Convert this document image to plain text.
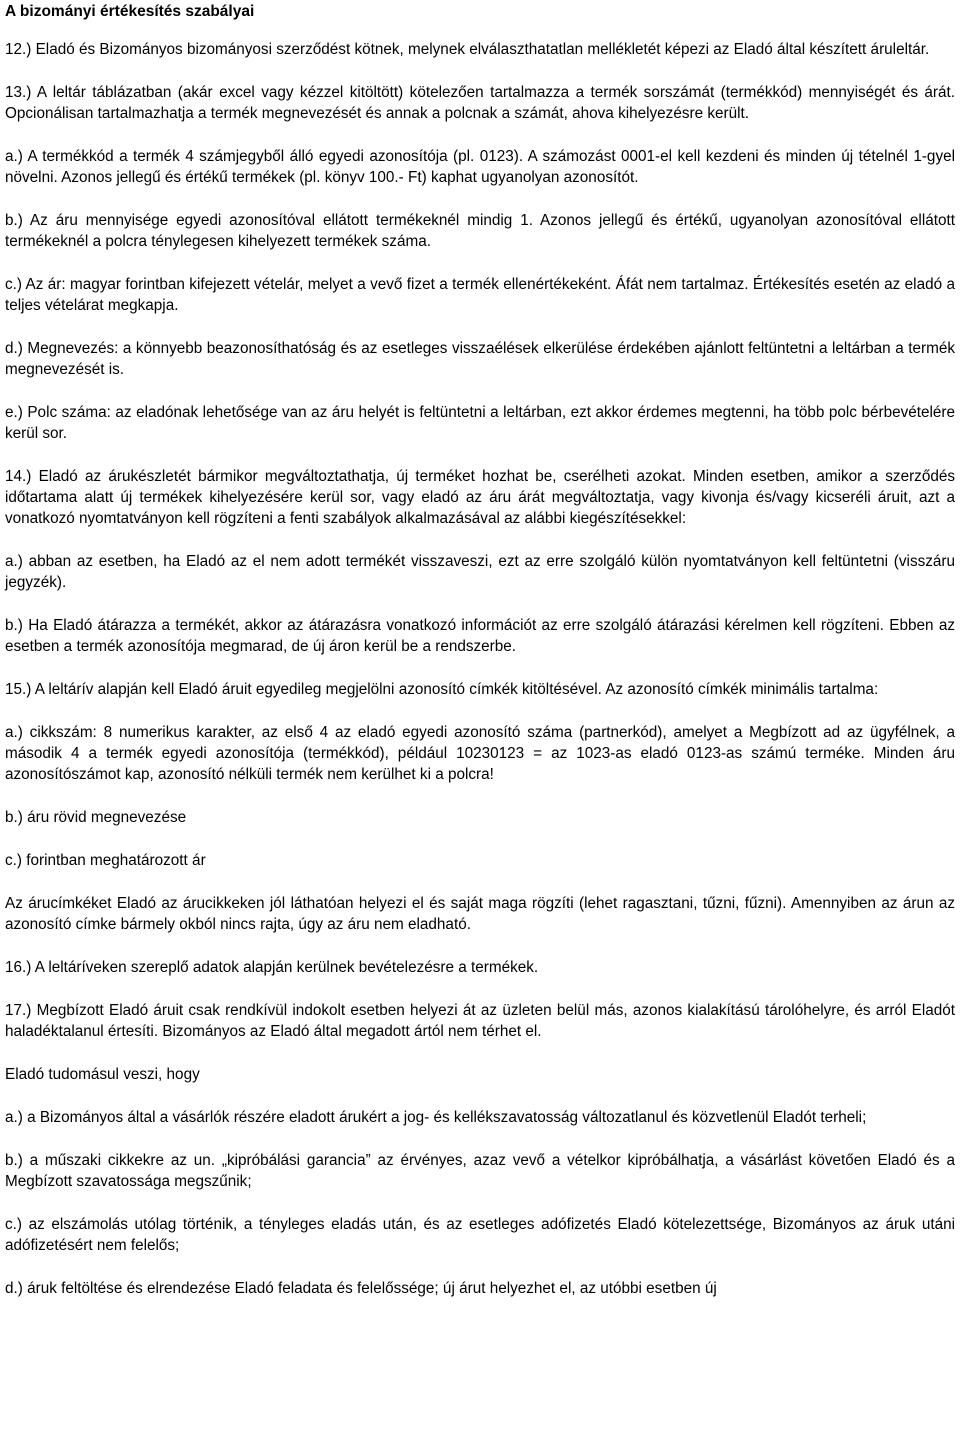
A bizományi értékesítés szabályai

12.) Eladó és Bizományos bizományosi szerződést kötnek, melynek elválaszthatatlan mellékletét képezi az Eladó által készített áruleltár.

13.) A leltár táblázatban (akár excel vagy kézzel kitöltött) kötelezően tartalmazza a termék sorszámát (termékkód) mennyiségét és árát. Opcionálisan tartalmazhatja a termék megnevezését és annak a polcnak a számát, ahova kihelyezésre került.

a.) A termékkód a termék 4 számjegyből álló egyedi azonosítója (pl. 0123). A számozást 0001-el kell kezdeni és minden új tételnél 1-gyel növelni. Azonos jellegű és értékű termékek (pl. könyv 100.- Ft) kaphat ugyanolyan azonosítót.

b.) Az áru mennyisége egyedi azonosítóval ellátott termékeknél mindig 1. Azonos jellegű és értékű, ugyanolyan azonosítóval ellátott termékeknél a polcra ténylegesen kihelyezett termékek száma.

c.) Az ár: magyar forintban kifejezett vételár, melyet a vevő fizet a termék ellenértékeként. Áfát nem tartalmaz. Értékesítés esetén az eladó a teljes vételárat megkapja.

d.) Megnevezés: a könnyebb beazonosíthatóság és az esetleges visszaélések elkerülése érdekében ajánlott feltüntetni a leltárban a termék megnevezését is.

e.) Polc száma: az eladónak lehetősége van az áru helyét is feltüntetni a leltárban, ezt akkor érdemes megtenni, ha több polc bérbevételére kerül sor.

14.) Eladó az árukészletét bármikor megváltoztathatja, új terméket hozhat be, cserélheti azokat. Minden esetben, amikor a szerződés időtartama alatt új termékek kihelyezésére kerül sor, vagy eladó az áru árát megváltoztatja, vagy kivonja és/vagy kicseréli áruit, azt a vonatkozó nyomtatványon kell rögzíteni a fenti szabályok alkalmazásával az alábbi kiegészítésekkel:

a.) abban az esetben, ha Eladó az el nem adott termékét visszaveszi, ezt az erre szolgáló külön nyomtatványon kell feltüntetni (visszáru jegyzék).

b.) Ha Eladó átárazza a termékét, akkor az átárazásra vonatkozó információt az erre szolgáló átárazási kérelmen kell rögzíteni. Ebben az esetben a termék azonosítója megmarad, de új áron kerül be a rendszerbe.

15.) A leltárív alapján kell Eladó áruit egyedileg megjelölni azonosító címkék kitöltésével. Az azonosító címkék minimális tartalma:

a.) cikkszám: 8 numerikus karakter, az első 4 az eladó egyedi azonosító száma (partnerkód), amelyet a Megbízott ad az ügyfélnek, a második 4 a termék egyedi azonosítója (termékkód), például 10230123 = az 1023-as eladó 0123-as számú terméke. Minden áru azonosítószámot kap, azonosító nélküli termék nem kerülhet ki a polcra!

b.) áru rövid megnevezése

c.) forintban meghatározott ár

Az árucímkéket Eladó az árucikkeken jól láthatóan helyezi el és saját maga rögzíti (lehet ragasztani, tűzni, fűzni). Amennyiben az árun az azonosító címke bármely okból nincs rajta, úgy az áru nem eladható.

16.) A leltáríveken szereplő adatok alapján kerülnek bevételezésre a termékek.

17.) Megbízott Eladó áruit csak rendkívül indokolt esetben helyezi át az üzleten belül más, azonos kialakítású tárolóhelyre, és arról Eladót haladéktalanul értesíti. Bizományos az Eladó által megadott ártól nem térhet el.

Eladó tudomásul veszi, hogy

a.) a Bizományos által a vásárlók részére eladott árukért a jog- és kellékszavatosság változatlanul és közvetlenül Eladót terheli;

b.) a műszaki cikkekre az un. „kipróbálási garancia” az érvényes, azaz vevő a vételkor kipróbálhatja, a vásárlást követően Eladó és a Megbízott szavatossága megszűnik;

c.) az elszámolás utólag történik, a tényleges eladás után, és az esetleges adófizetés Eladó kötelezettsége, Bizományos az áruk utáni adófizetésért nem felelős;

d.) áruk feltöltése és elrendezése Eladó feladata és felelőssége; új árut helyezhet el, az utóbbi esetben új
